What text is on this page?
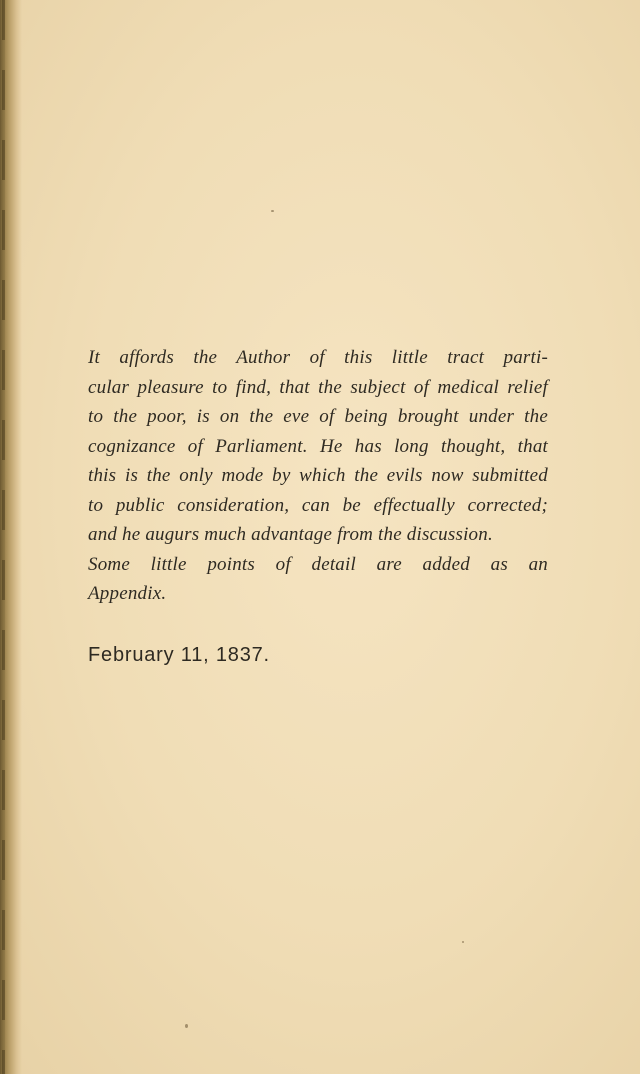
It affords the Author of this little tract parti-
cular pleasure to find, that the subject of medical relief
to the poor, is on the eve of being brought under the
cognizance of Parliament. He has long thought, that
this is the only mode by which the evils now submitted
to public consideration, can be effectually corrected;
and he augurs much advantage from the discussion.
Some little points of detail are added as an
Appendix.
February 11, 1837.
